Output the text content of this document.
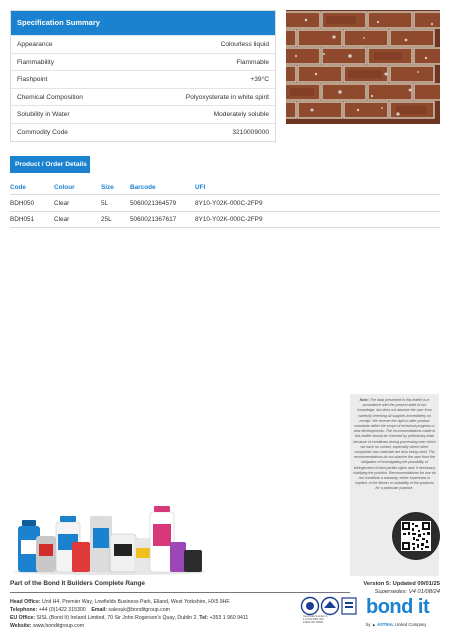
Specification Summary
Appearance	Colourless liquid
Flammability	Flammable
Flashpoint	+39°C
Chemical Composition	Polyoxysterate in white spirit
Solubility in Water	Moderately soluble
Commodity Code	3210009000
Product / Order Details
Code	Colour	Size	Barcode	UFI
BDH050	Clear	5L	5060021364579	8Y10-Y02K-000C-2FP9
BDH051	Clear	25L	5060021367617	8Y10-Y02K-000C-2FP9
Note: The data presented in this leaflet is in accordance with the present state of our knowledge, but does not absolve the user from carefully checking all supplies immediately on receipt. We reserve the right to alter product constants within the scope of technical progress or new developments. The recommendations made in this leaflet should be checked by preliminary trials because of conditions during processing over which we have no control, especially where other companies raw materials are also being used. The recommendations do not absolve the user from the obligation of investigating the possibility of infringement of third parties rights and, if necessary clarifying the position. Recommendations for use do not constitute a warranty, either expressed or implied, of the fitness or suitability of the products for a particular purpose.
Version 5: Updated 09/01/25
Supersedes: V4 01/08/24
Part of the Bond It Builders Complete Range
Head Office: Unit H4, Premier Way, Lowfields Business Park, Elland, West Yorkshire, HX5 9HF.
Telephone: +44 (0)1422 315300 Email: salesuk@bonditgroup.com
EU Office: SISL (Bond It) Ireland Limited, 70 Sir John Rogerson's Quay, Dublin 2. Tel: +353 1 960 9411
Website: www.bonditgroup.com
Certificate Number 3-1-3 ISO 9001 ISO 14001 ISO 45001
bond it
by ▲ ASTRAL United Company
